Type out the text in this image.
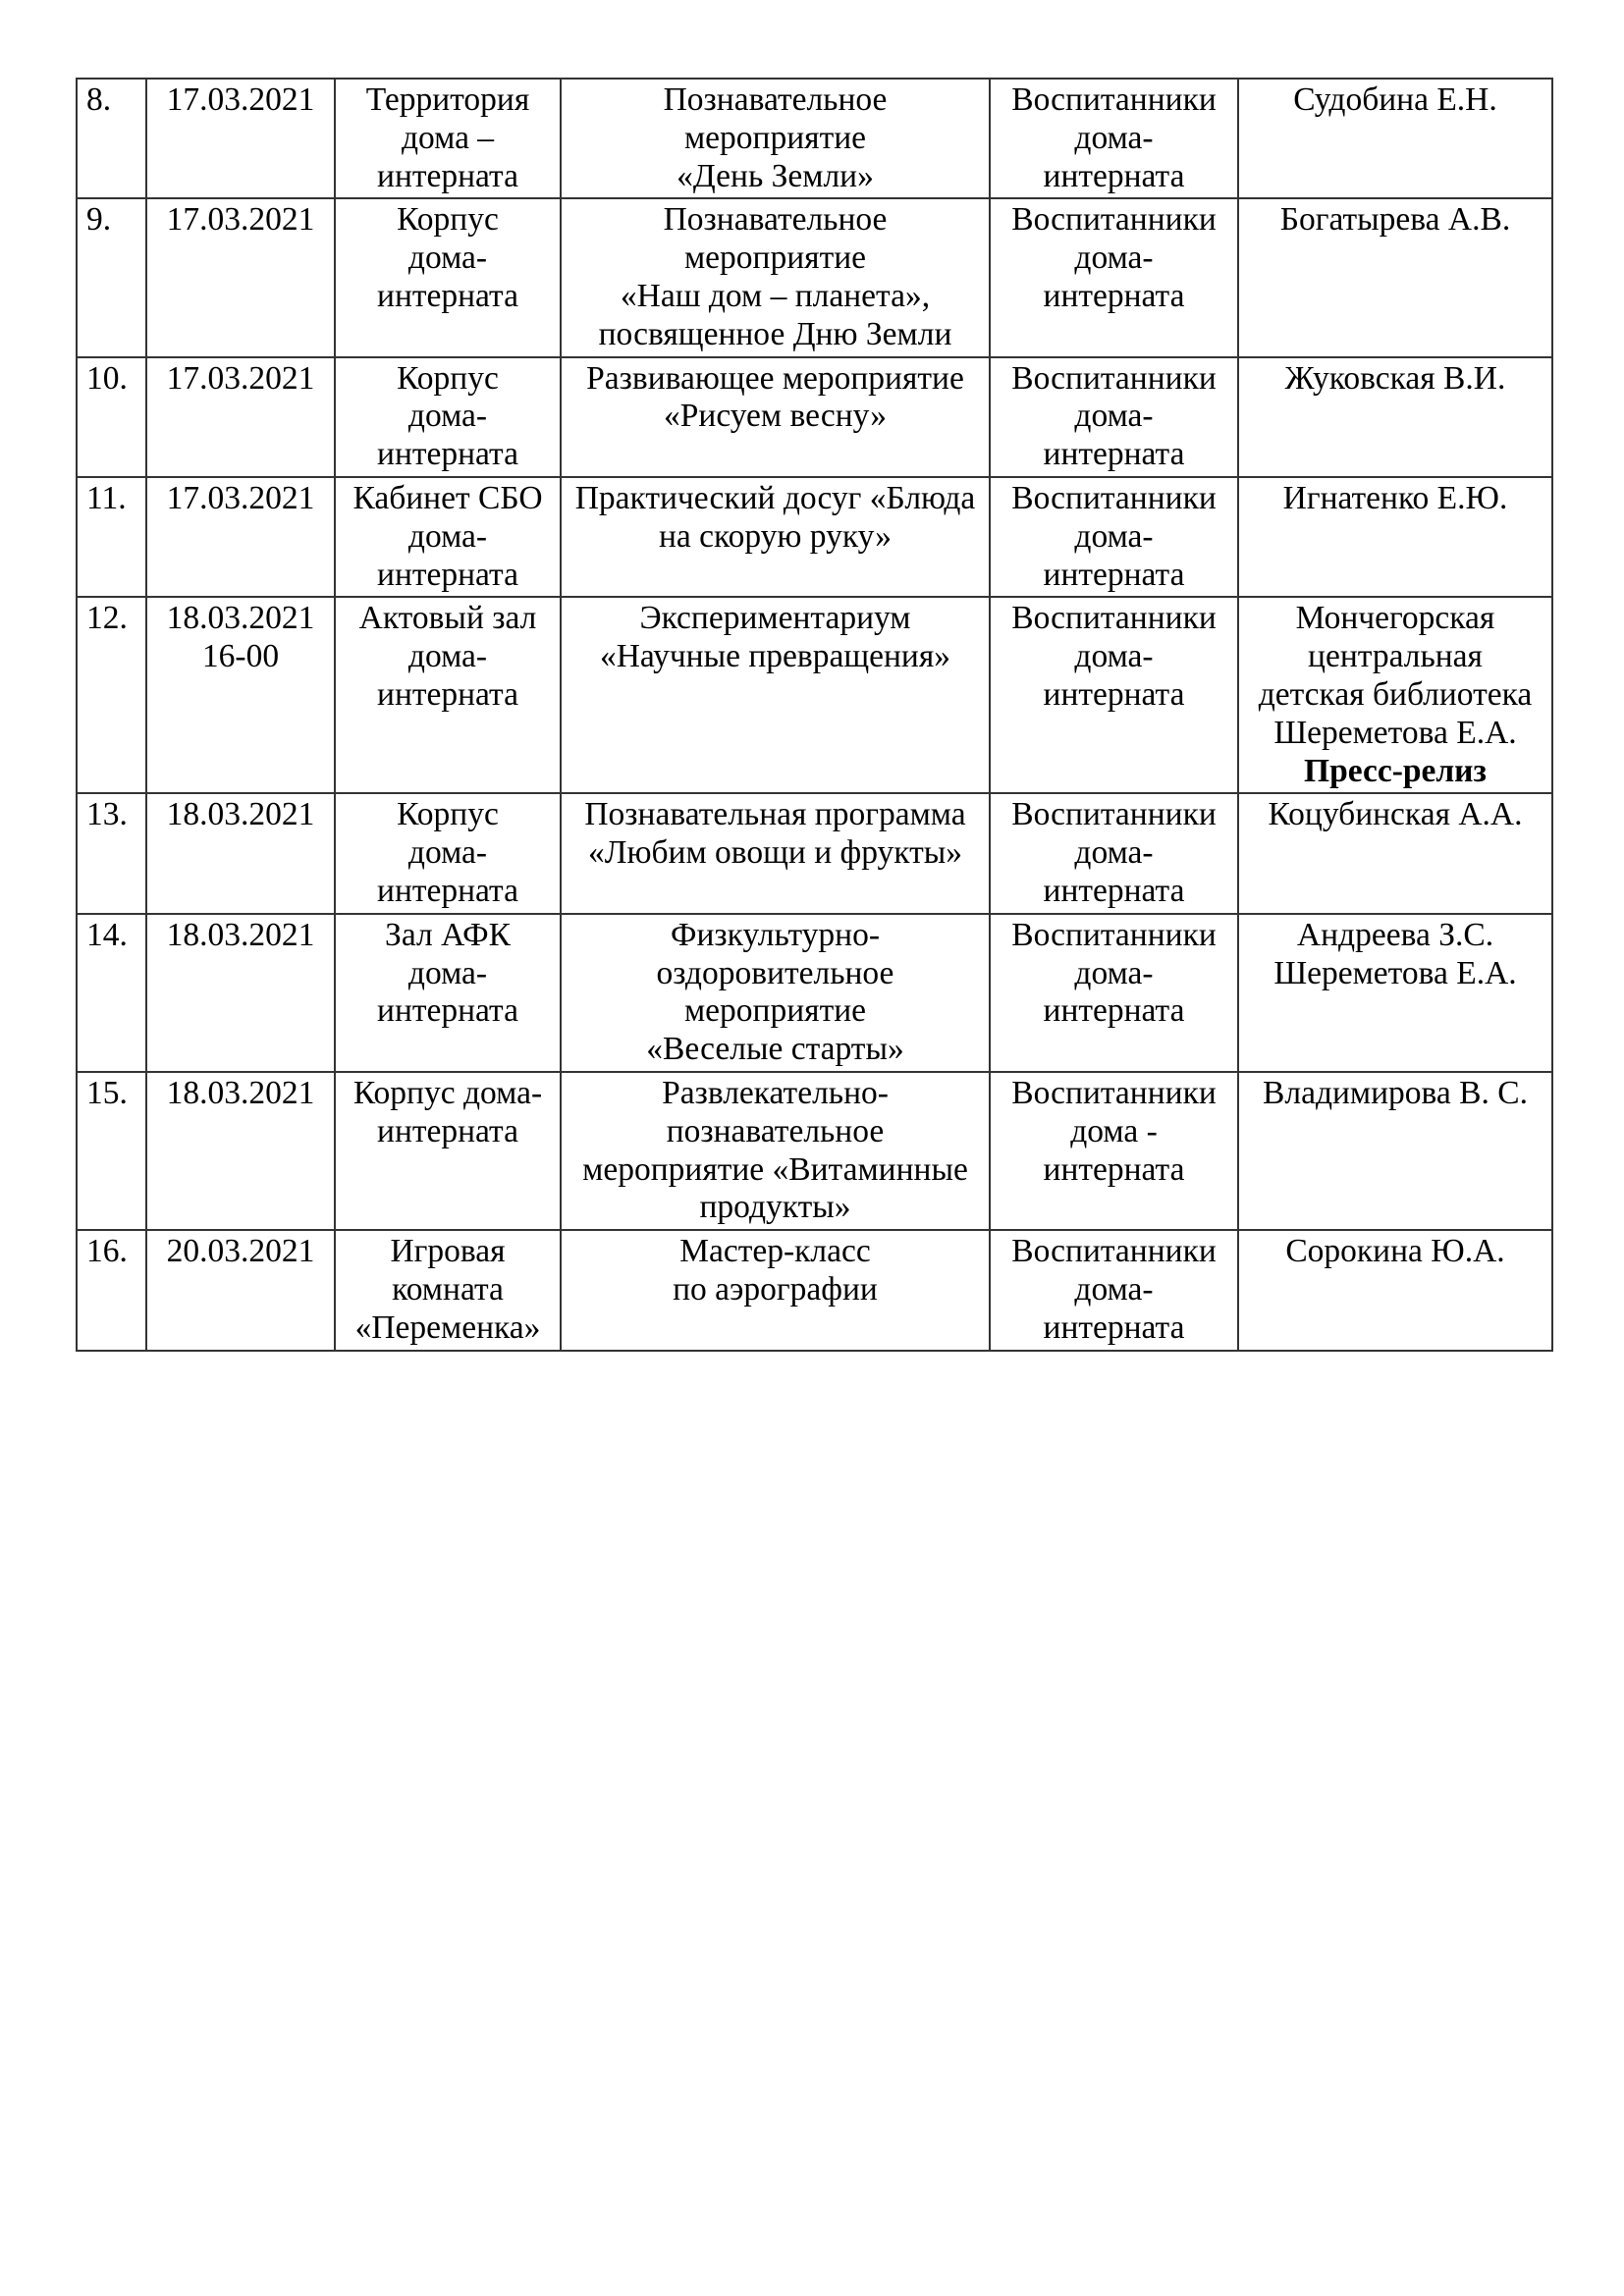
8.	17.03.2021	Территория
дома –
интерната	Познавательное
мероприятие
«День Земли»	Воспитанники
дома-
интерната	Судобина Е.Н.

9.	17.03.2021	Корпус
дома-
интерната	Познавательное
мероприятие
«Наш дом – планета»,
посвященное Дню Земли	Воспитанники
дома-
интерната	Богатырева А.В.

10.	17.03.2021	Корпус
дома-
интерната	Развивающее мероприятие
«Рисуем весну»	Воспитанники
дома-
интерната	Жуковская В.И.

11.	17.03.2021	Кабинет СБО
дома-
интерната	Практический досуг «Блюда
на скорую руку»	Воспитанники
дома-
интерната	Игнатенко Е.Ю.

12.	18.03.2021
16-00	Актовый зал
дома-
интерната	Экспериментариум
«Научные превращения»	Воспитанники
дома-
интерната	Мончегорская
центральная
детская библиотека
Шереметова Е.А.
Пресс-релиз

13.	18.03.2021	Корпус
дома-
интерната	Познавательная программа
«Любим овощи и фрукты»	Воспитанники
дома-
интерната	Коцубинская А.А.

14.	18.03.2021	Зал АФК
дома-
интерната	Физкультурно-
оздоровительное
мероприятие
«Веселые старты»	Воспитанники
дома-
интерната	Андреева З.С.
Шереметова Е.А.

15.	18.03.2021	Корпус дома-
интерната	Развлекательно-
познавательное
мероприятие «Витаминные
продукты»	Воспитанники
дома -
интерната	Владимирова В. С.

16.	20.03.2021	Игровая
комната
«Переменка»	Мастер-класс
по аэрографии	Воспитанники
дома-
интерната	Сорокина Ю.А.
